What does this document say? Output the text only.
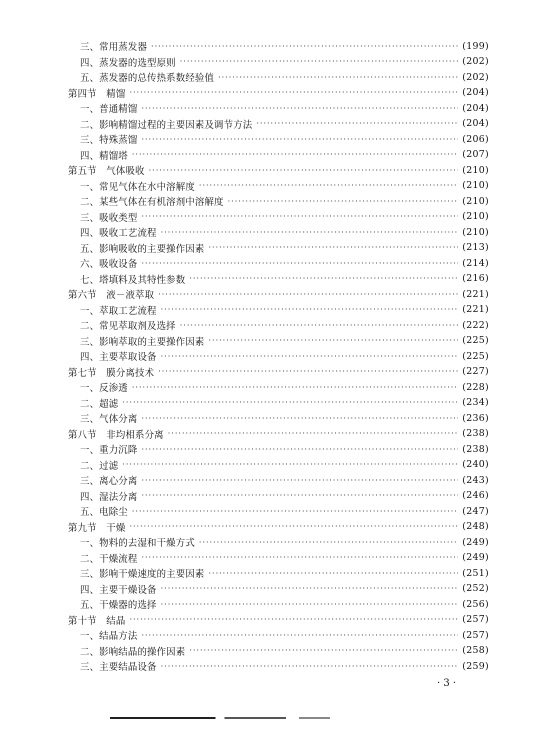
三、常用蒸发器 ·····	(199)
四、蒸发器的选型原则 ·····	(202)
五、蒸发器的总传热系数经验值 ·····	(202)
第四节　精馏 ·····	(204)
一、普通精馏 ·····	(204)
二、影响精馏过程的主要因素及调节方法 ·····	(204)
三、特殊蒸馏 ·····	(206)
四、精馏塔 ·····	(207)
第五节　气体吸收 ·····	(210)
一、常见气体在水中溶解度 ·····	(210)
二、某些气体在有机溶剂中溶解度 ·····	(210)
三、吸收类型 ·····	(210)
四、吸收工艺流程 ·····	(210)
五、影响吸收的主要操作因素 ·····	(213)
六、吸收设备 ·····	(214)
七、塔填料及其特性参数 ·····	(216)
第六节　液－液萃取 ·····	(221)
一、萃取工艺流程 ·····	(221)
二、常见萃取剂及选择 ·····	(222)
三、影响萃取的主要操作因素 ·····	(225)
四、主要萃取设备 ·····	(225)
第七节　膜分离技术 ·····	(227)
一、反渗透 ·····	(228)
二、超滤 ·····	(234)
三、气体分离 ·····	(236)
第八节　非均相系分离 ·····	(238)
一、重力沉降 ·····	(238)
二、过滤 ·····	(240)
三、离心分离 ·····	(243)
四、湿法分离 ·····	(246)
五、电除尘 ·····	(247)
第九节　干燥 ·····	(248)
一、物料的去湿和干燥方式 ·····	(249)
二、干燥流程 ·····	(249)
三、影响干燥速度的主要因素 ·····	(251)
四、主要干燥设备 ·····	(252)
五、干燥器的选择 ·····	(256)
第十节　结晶 ·····	(257)
一、结晶方法 ·····	(257)
二、影响结晶的操作因素 ·····	(258)
三、主要结晶设备 ·····	(259)
· 3 ·
